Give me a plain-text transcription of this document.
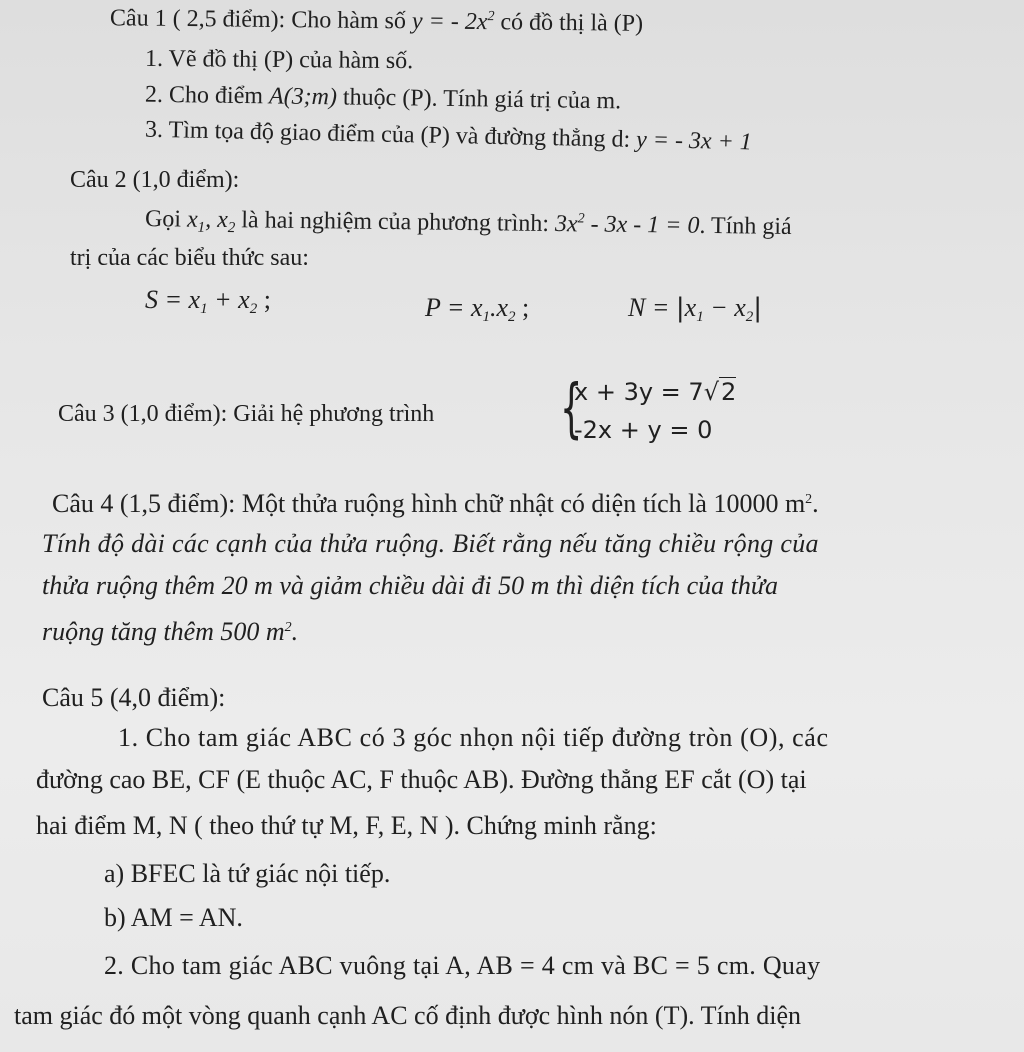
Câu 1 ( 2,5 điểm): Cho hàm số y = - $2x^2$ có đồ thị là (P)
1. Vẽ đồ thị (P) của hàm số.
2. Cho điểm A(3;m) thuộc (P). Tính giá trị của m.
3. Tìm tọa độ giao điểm của (P) và đường thẳng d: y = - 3x + 1
Câu 2 (1,0 điểm):
Gọi $x_1$, $x_2$ là hai nghiệm của phương trình: $3x^2 - 3x - 1 = 0$. Tính giá
trị của các biểu thức sau:
$S = x_1 + x_2$ ;	$P = x_1.x_2$ ;	$N = |x_1 - x_2|$
Câu 3 (1,0 điểm): Giải hệ phương trình {
x + 3y = 7√2
-2x + y = 0
Câu 4 (1,5 điểm): Một thửa ruộng hình chữ nhật có diện tích là 10000 $m^2$.
Tính độ dài các cạnh của thửa ruộng. Biết rằng nếu tăng chiều rộng của
thửa ruộng thêm 20 m và giảm chiều dài đi 50 m thì diện tích của thửa
ruộng tăng thêm 500 $m^2$.
Câu 5 (4,0 điểm):
1. Cho tam giác ABC có 3 góc nhọn nội tiếp đường tròn (O), các
đường cao BE, CF (E thuộc AC, F thuộc AB). Đường thẳng EF cắt (O) tại
hai điểm M, N ( theo thứ tự M, F, E, N ). Chứng minh rằng:
a) BFEC là tứ giác nội tiếp.
b) AM = AN.
2. Cho tam giác ABC vuông tại A, AB = 4 cm và BC = 5 cm. Quay
tam giác đó một vòng quanh cạnh AC cố định được hình nón (T). Tính diện
